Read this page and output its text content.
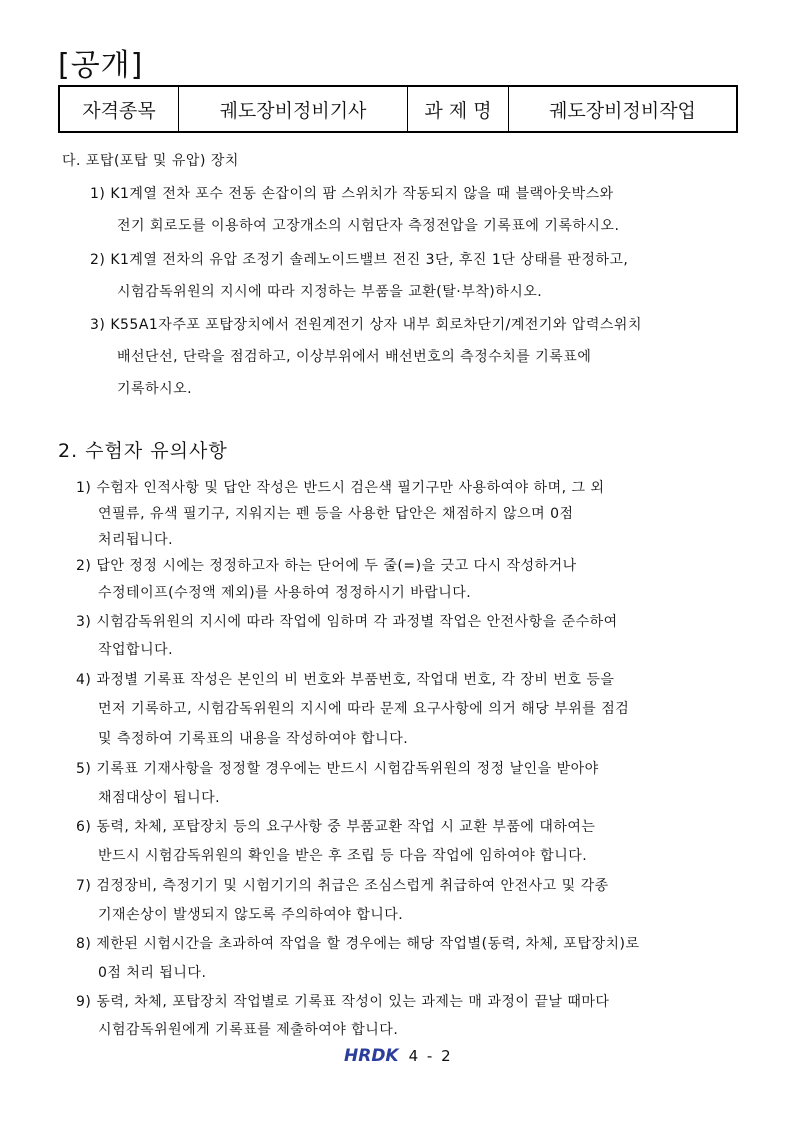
[공개]
자격종목	궤도장비정비기사	과 제 명	궤도장비정비작업
다. 포탑(포탑 및 유압) 장치
1) K1계열 전차 포수 전동 손잡이의 팜 스위치가 작동되지 않을 때 블랙아웃박스와
전기 회로도를 이용하여 고장개소의 시험단자 측정전압을 기록표에 기록하시오.
2) K1계열 전차의 유압 조정기 솔레노이드밸브 전진 3단, 후진 1단 상태를 판정하고,
시험감독위원의 지시에 따라 지정하는 부품을 교환(탈·부착)하시오.
3) K55A1자주포 포탑장치에서 전원계전기 상자 내부 회로차단기/계전기와 압력스위치
배선단선, 단락을 점검하고, 이상부위에서 배선번호의 측정수치를 기록표에
기록하시오.
2. 수험자 유의사항
1) 수험자 인적사항 및 답안 작성은 반드시 검은색 필기구만 사용하여야 하며, 그 외
연필류, 유색 필기구, 지워지는 펜 등을 사용한 답안은 채점하지 않으며 0점
처리됩니다.
2) 답안 정정 시에는 정정하고자 하는 단어에 두 줄(=)을 긋고 다시 작성하거나
수정테이프(수정액 제외)를 사용하여 정정하시기 바랍니다.
3) 시험감독위원의 지시에 따라 작업에 임하며 각 과정별 작업은 안전사항을 준수하여
작업합니다.
4) 과정별 기록표 작성은 본인의 비 번호와 부품번호, 작업대 번호, 각 장비 번호 등을
먼저 기록하고, 시험감독위원의 지시에 따라 문제 요구사항에 의거 해당 부위를 점검
및 측정하여 기록표의 내용을 작성하여야 합니다.
5) 기록표 기재사항을 정정할 경우에는 반드시 시험감독위원의 정정 날인을 받아야
채점대상이 됩니다.
6) 동력, 차체, 포탑장치 등의 요구사항 중 부품교환 작업 시 교환 부품에 대하여는
반드시 시험감독위원의 확인을 받은 후 조립 등 다음 작업에 임하여야 합니다.
7) 검정장비, 측정기기 및 시험기기의 취급은 조심스럽게 취급하여 안전사고 및 각종
기재손상이 발생되지 않도록 주의하여야 합니다.
8) 제한된 시험시간을 초과하여 작업을 할 경우에는 해당 작업별(동력, 차체, 포탑장치)로
0점 처리 됩니다.
9) 동력, 차체, 포탑장치 작업별로 기록표 작성이 있는 과제는 매 과정이 끝날 때마다
시험감독위원에게 기록표를 제출하여야 합니다.
HRDK 4 - 2
